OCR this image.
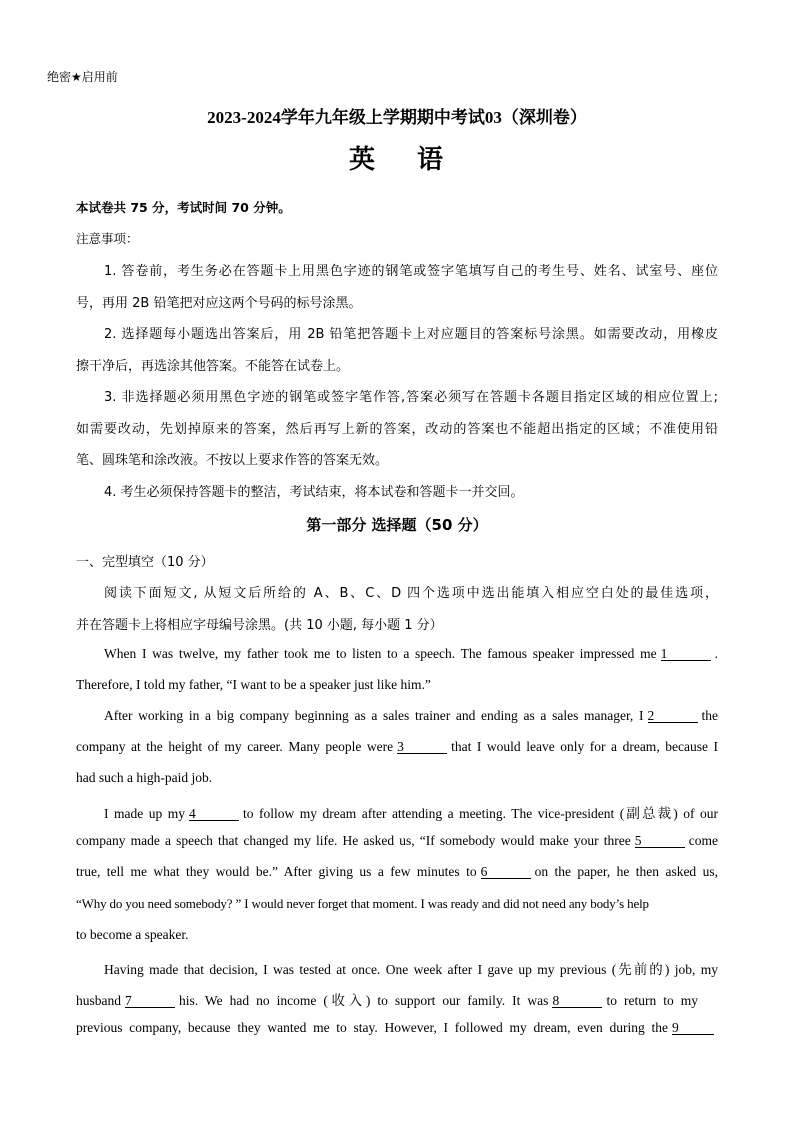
绝密★启用前
2023-2024学年九年级上学期期中考试03（深圳卷）
英 语
本试卷共 75 分，考试时间 70 分钟。
注意事项：
1. 答卷前，考生务必在答题卡上用黑色字迹的钢笔或签字笔填写自己的考生号、姓名、试室号、座位
号，再用 2B 铅笔把对应这两个号码的标号涂黑。
2. 选择题每小题选出答案后，用 2B 铅笔把答题卡上对应题目的答案标号涂黑。如需要改动，用橡皮
擦干净后，再选涂其他答案。不能答在试卷上。
3. 非选择题必须用黑色字迹的钢笔或签字笔作答,答案必须写在答题卡各题目指定区域的相应位置上;
如需要改动，先划掉原来的答案，然后再写上新的答案，改动的答案也不能超出指定的区域；不准使用铅
笔、圆珠笔和涂改液。不按以上要求作答的答案无效。
4. 考生必须保持答题卡的整洁，考试结束，将本试卷和答题卡一并交回。
第一部分 选择题（50 分）
一、完型填空（10 分）
阅读下面短文, 从短文后所给的 A、B、C、D 四个选项中选出能填入相应空白处的最佳选项，
并在答题卡上将相应字母编号涂黑。(共 10 小题, 每小题 1 分）
When I was twelve, my father took me to listen to a speech. The famous speaker impressed me 1	.
Therefore, I told my father, “I want to be a speaker just like him.”
After working in a big company beginning as a sales trainer and ending as a sales manager, I 2	the
company at the height of my career. Many people were 3	that I would leave only for a dream, because I
had such a high-paid job.
I made up my 4	to follow my dream after attending a meeting. The vice-president (副总裁) of our
company made a speech that changed my life. He asked us, “If somebody would make your three 5	come
true, tell me what they would be.” After giving us a few minutes to 6	on the paper, he then asked us,
“Why do you need somebody? ” I would never forget that moment. I was ready and did not need any body’s help
to become a speaker.
Having made that decision, I was tested at once. One week after I gave up my previous (先前的) job, my
husband 7	his. We had no income (收入) to support our family. It was 8	to return to my
previous company, because they wanted me to stay. However, I followed my dream, even during the 9
